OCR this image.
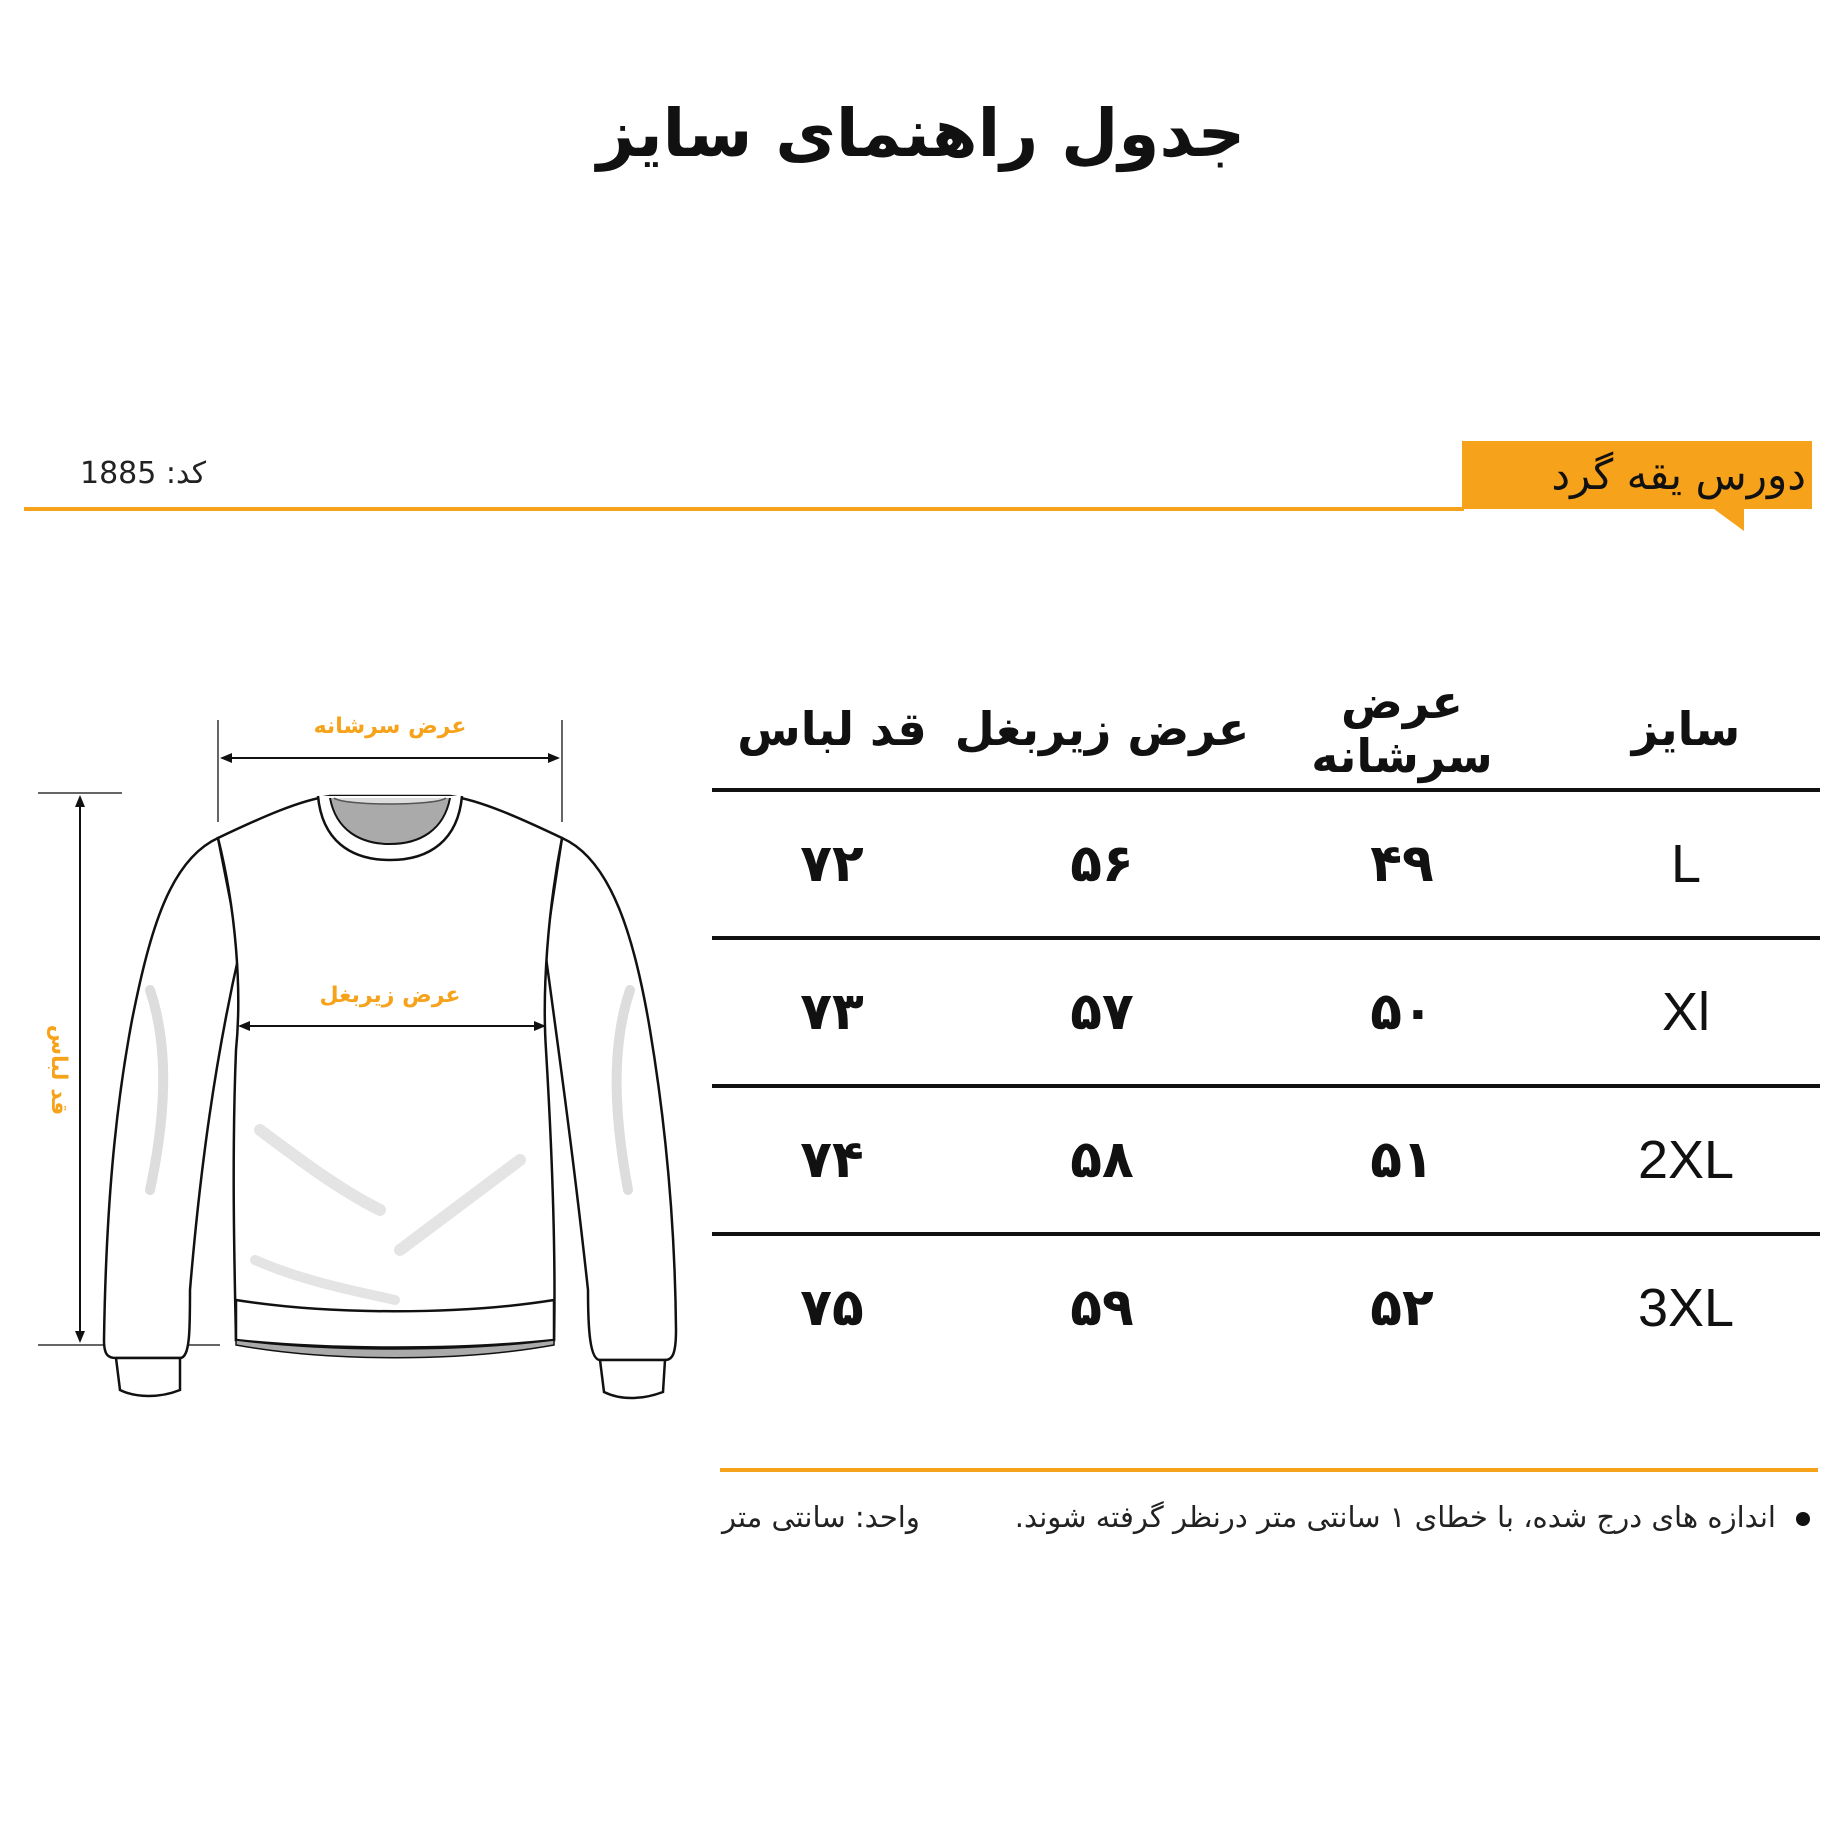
جدول راهنمای سایز
کد: 1885	دورس یقه گرد
عرض سرشانه
قد لباس
عرض زیربغل
سایز
عرض سرشانه
عرض زیربغل
قد لباس
L
۴۹
۵۶
۷۲
Xl
۵۰
۵۷
۷۳
2XL
۵۱
۵۸
۷۴
3XL
۵۲
۵۹
۷۵
اندازه های درج شده، با خطای ۱ سانتی متر درنظر گرفته شوند.
واحد: سانتی متر
